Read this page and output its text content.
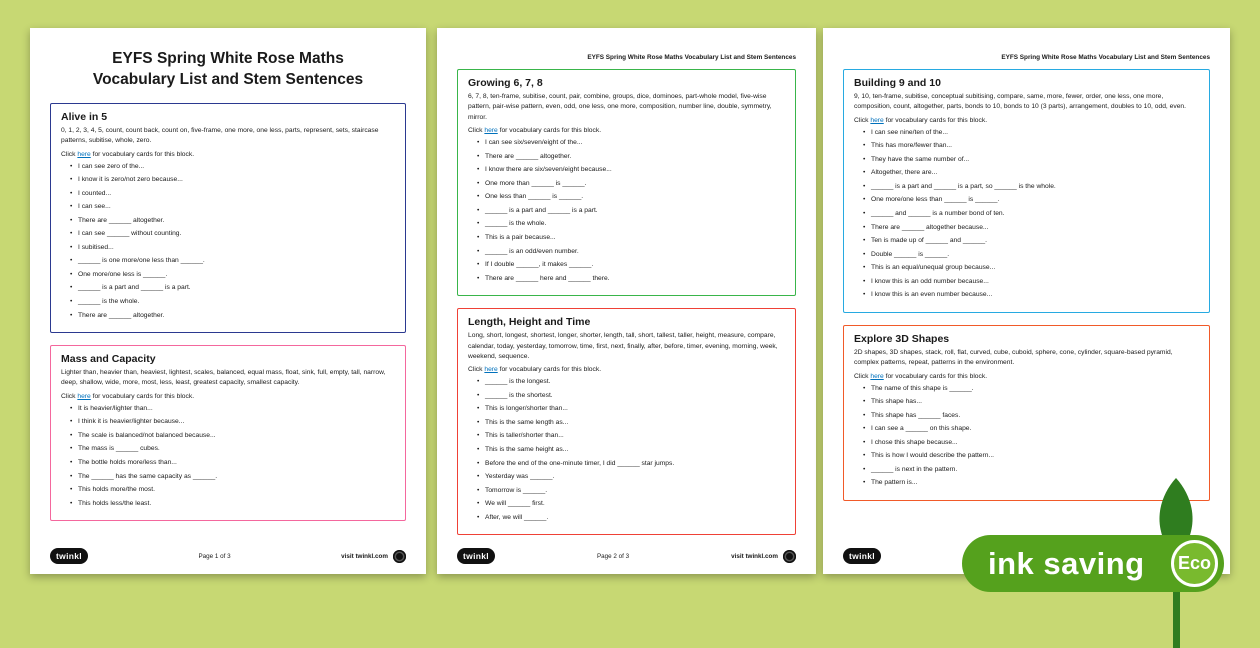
EYFS Spring White Rose Maths
Vocabulary List and Stem Sentences
Alive in 5

0, 1, 2, 3, 4, 5, count, count back, count on, five-frame, one more, one less, parts, represent, sets, staircase patterns, subitise, whole, zero.

Click here for vocabulary cards for this block.

• I can see zero of the...
• I know it is zero/not zero because...
• I counted...
• I can see...
• There are ______ altogether.
• I can see ______ without counting.
• I subitised...
• ______ is one more/one less than ______.
• One more/one less is ______.
• ______ is a part and ______ is a part.
• ______ is the whole.
• There are ______ altogether.
Mass and Capacity

Lighter than, heavier than, heaviest, lightest, scales, balanced, equal mass, float, sink, full, empty, tall, narrow, deep, shallow, wide, more, most, less, least, greatest capacity, smallest capacity.

Click here for vocabulary cards for this block.

• It is heavier/lighter than...
• I think it is heavier/lighter because...
• The scale is balanced/not balanced because...
• The mass is ______ cubes.
• The bottle holds more/less than...
• The ______ has the same capacity as ______.
• This holds more/the most.
• This holds less/the least.
twinkl	Page 1 of 3	visit twinkl.com
EYFS Spring White Rose Maths Vocabulary List and Stem Sentences
Growing 6, 7, 8

6, 7, 8, ten-frame, subitise, count, pair, combine, groups, dice, dominoes, part-whole model, five-wise pattern, pair-wise pattern, even, odd, one less, one more, composition, number line, double, symmetry, mirror.

Click here for vocabulary cards for this block.

• I can see six/seven/eight of the...
• There are ______ altogether.
• I know there are six/seven/eight because...
• One more than ______ is ______.
• One less than ______ is ______.
• ______ is a part and ______ is a part.
• ______ is the whole.
• This is a pair because...
• ______ is an odd/even number.
• If I double ______, it makes ______.
• There are ______ here and ______ there.
Length, Height and Time

Long, short, longest, shortest, longer, shorter, length, tall, short, tallest, taller, height, measure, compare, calendar, today, yesterday, tomorrow, time, first, next, finally, after, before, timer, evening, morning, week, weekend, sequence.

Click here for vocabulary cards for this block.

• ______ is the longest.
• ______ is the shortest.
• This is longer/shorter than...
• This is the same length as...
• This is taller/shorter than...
• This is the same height as...
• Before the end of the one-minute timer, I did ______ star jumps.
• Yesterday was ______.
• Tomorrow is ______.
• We will ______ first.
• After, we will ______.
twinkl	Page 2 of 3	visit twinkl.com
EYFS Spring White Rose Maths Vocabulary List and Stem Sentences
Building 9 and 10

9, 10, ten-frame, subitise, conceptual subitising, compare, same, more, fewer, order, one less, one more, composition, count, altogether, parts, bonds to 10, bonds to 10 (3 parts), arrangement, doubles to 10, odd, even.

Click here for vocabulary cards for this block.

• I can see nine/ten of the...
• This has more/fewer than...
• They have the same number of...
• Altogether, there are...
• ______ is a part and ______ is a part, so ______ is the whole.
• One more/one less than ______ is ______.
• ______ and ______ is a number bond of ten.
• There are ______ altogether because...
• Ten is made up of ______ and ______.
• Double ______ is ______.
• This is an equal/unequal group because...
• I know this is an odd number because...
• I know this is an even number because...
Explore 3D Shapes

2D shapes, 3D shapes, stack, roll, flat, curved, cube, cuboid, sphere, cone, cylinder, square-based pyramid, complex patterns, repeat, patterns in the environment.

Click here for vocabulary cards for this block.

• The name of this shape is ______.
• This shape has...
• This shape has ______ faces.
• I can see a ______ on this shape.
• I chose this shape because...
• This is how I would describe the pattern...
• ______ is next in the pattern.
• The pattern is...
twinkl	ink saving	Eco
